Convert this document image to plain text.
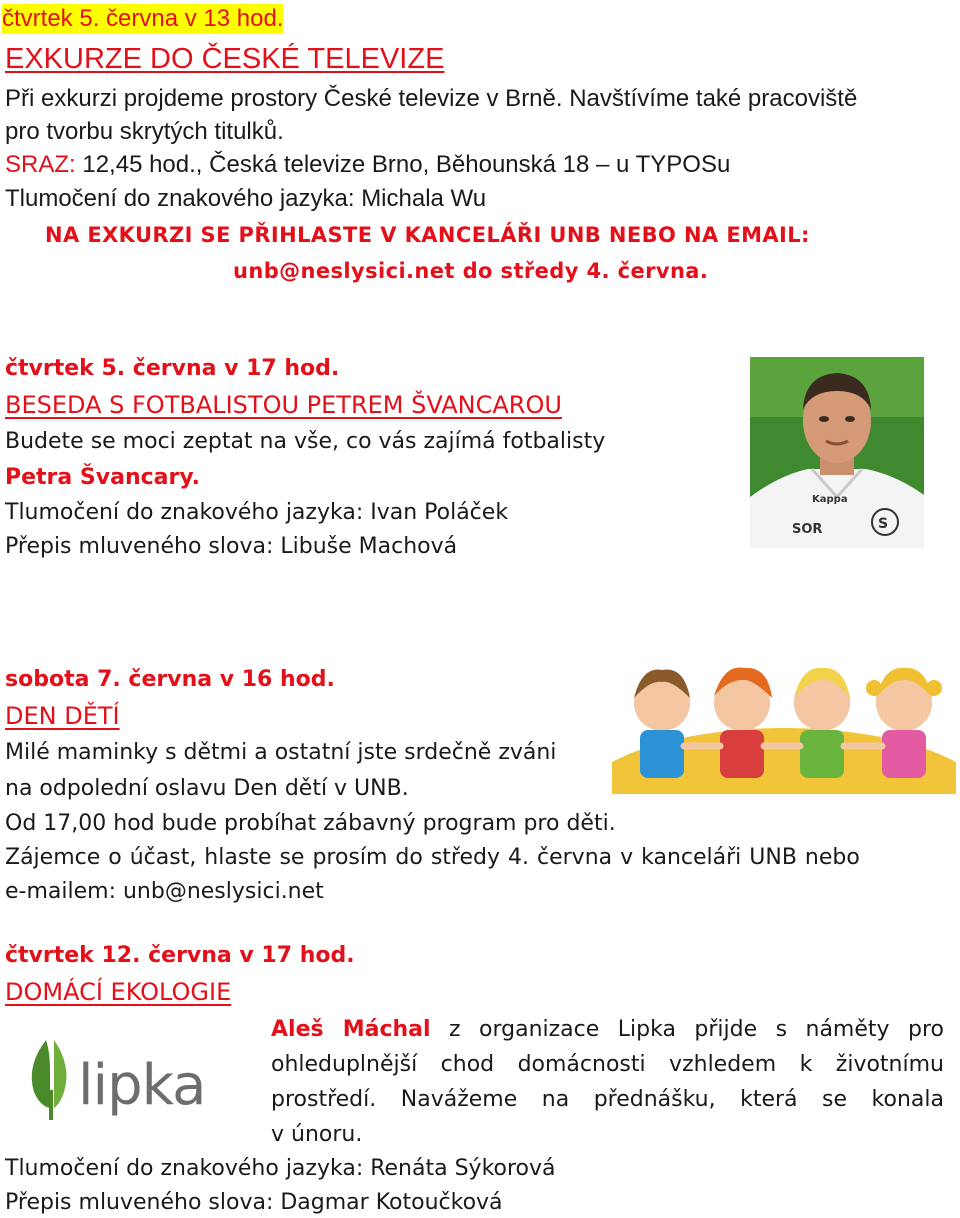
čtvrtek 5. června v 13 hod.
EXKURZE DO ČESKÉ TELEVIZE
Při exkurzi projdeme prostory České televize v Brně. Navštívíme také pracoviště
pro tvorbu skrytých titulků.
SRAZ: 12,45 hod., Česká televize Brno, Běhounská 18 – u TYPOSu
Tlumočení do znakového jazyka: Michala Wu
NA EXKURZI SE PŘIHLASTE V KANCELÁŘI UNB NEBO NA EMAIL:
unb@neslysici.net do středy 4. června.
čtvrtek 5. června v 17 hod.
BESEDA S FOTBALISTOU PETREM ŠVANCAROU
Budete se moci zeptat na vše, co vás zajímá fotbalisty
Petra Švancary.
Tlumočení do znakového jazyka: Ivan Poláček
Přepis mluveného slova: Libuše Machová
S
SOR
Kappa
sobota 7. června v 16 hod.
DEN DĚTÍ
Milé maminky s dětmi a ostatní jste srdečně zváni
na odpolední oslavu Den dětí v UNB.
Od 17,00 hod bude probíhat zábavný program pro děti.
Zájemce o účast, hlaste se prosím do středy 4. června v kanceláři UNB nebo
e-mailem: unb@neslysici.net
čtvrtek 12. června v 17 hod.
DOMÁCÍ EKOLOGIE
Aleš Máchal z organizace Lipka přijde s náměty pro
ohleduplnější chod domácnosti vzhledem k životnímu
prostředí. Navážeme na přednášku, která se konala
v únoru.
Tlumočení do znakového jazyka: Renáta Sýkorová
Přepis mluveného slova: Dagmar Kotoučková
lipka
